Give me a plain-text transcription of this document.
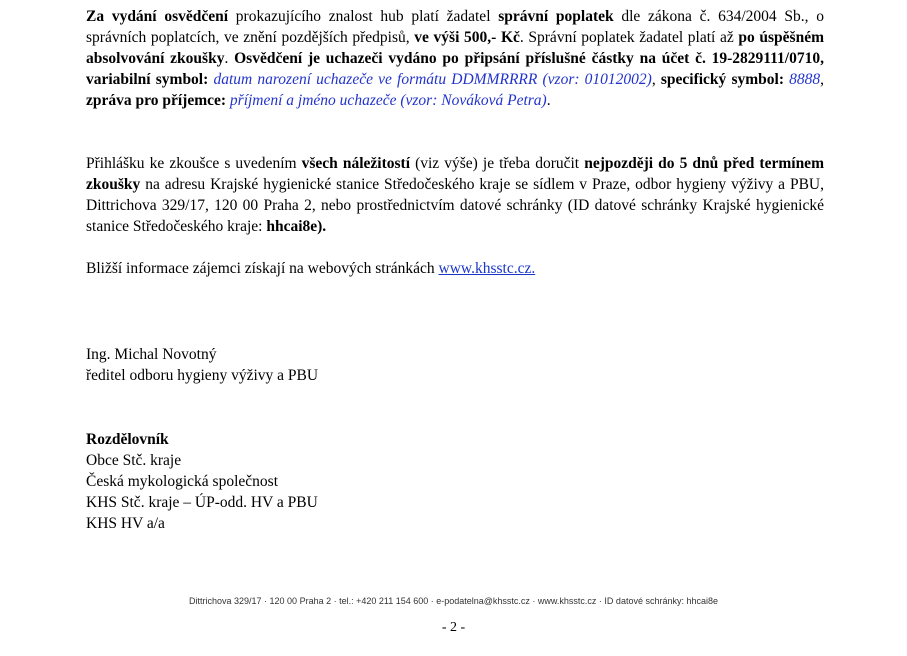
Za vydání osvědčení prokazujícího znalost hub platí žadatel správní poplatek dle zákona č. 634/2004 Sb., o správních poplatcích, ve znění pozdějších předpisů, ve výši 500,- Kč. Správní poplatek žadatel platí až po úspěšném absolvování zkoušky. Osvědčení je uchazeči vydáno po připsání příslušné částky na účet č. 19-2829111/0710, variabilní symbol: datum narození uchazeče ve formátu DDMMRRRR (vzor: 01012002), specifický symbol: 8888, zpráva pro příjemce: příjmení a jméno uchazeče (vzor: Nováková Petra).

Přihlášku ke zkoušce s uvedením všech náležitostí (viz výše) je třeba doručit nejpozději do 5 dnů před termínem zkoušky na adresu Krajské hygienické stanice Středočeského kraje se sídlem v Praze, odbor hygieny výživy a PBU, Dittrichova 329/17, 120 00 Praha 2, nebo prostřednictvím datové schránky (ID datové schránky Krajské hygienické stanice Středočeského kraje: hhcai8e).

Bližší informace zájemci získají na webových stránkách www.khsstc.cz.

Ing. Michal Novotný
ředitel odboru hygieny výživy a PBU
Rozdělovník
Obce Stč. kraje
Česká mykologická společnost
KHS Stč. kraje – ÚP-odd. HV a PBU
KHS HV a/a
Dittrichova 329/17 · 120 00 Praha 2 · tel.: +420 211 154 600 · e-podatelna@khsstc.cz · www.khsstc.cz · ID datové schránky: hhcai8e
- 2 -
